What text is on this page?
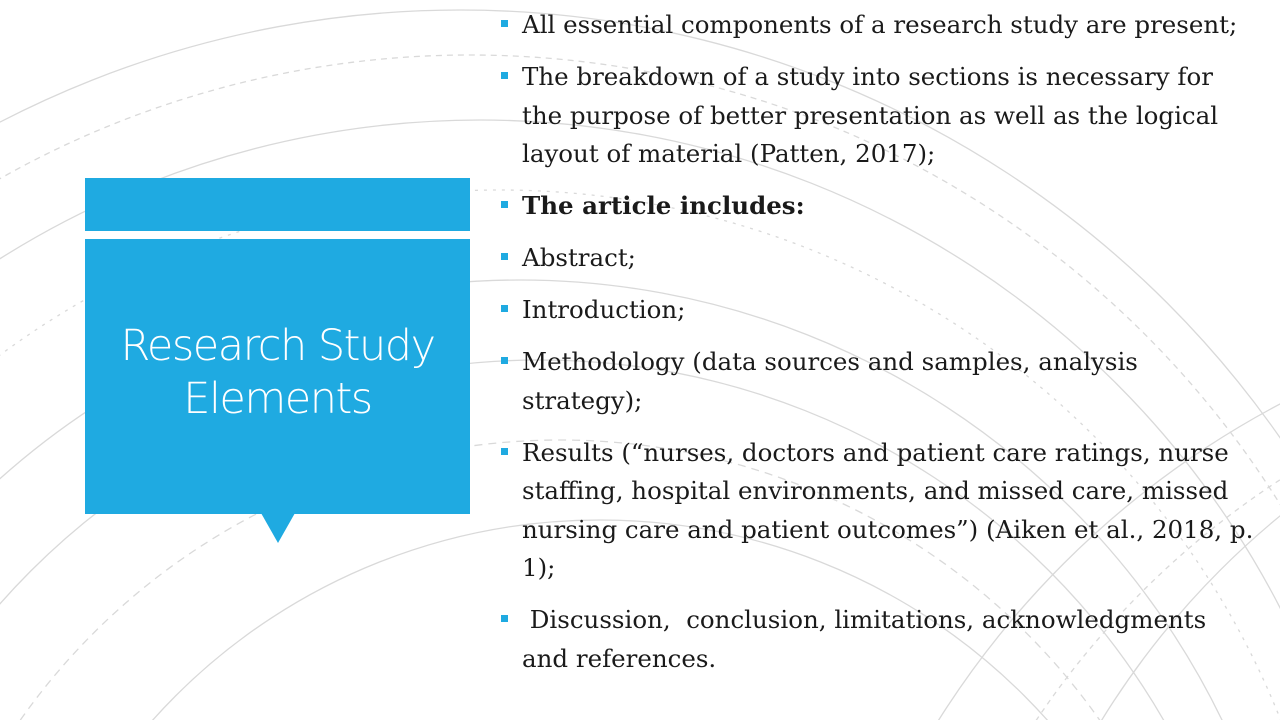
Research Study
Elements
All essential components of a research study are present;
The breakdown of a study into sections is necessary for the purpose of better presentation as well as the logical layout of material (Patten, 2017);
The article includes:
Abstract;
Introduction;
Methodology (data sources and samples, analysis strategy);
Results (“nurses, doctors and patient care ratings, nurse staffing, hospital environments, and missed care, missed nursing care and patient outcomes”) (Aiken et al., 2018, p. 1);
Discussion,  conclusion, limitations, acknowledgments and references.
